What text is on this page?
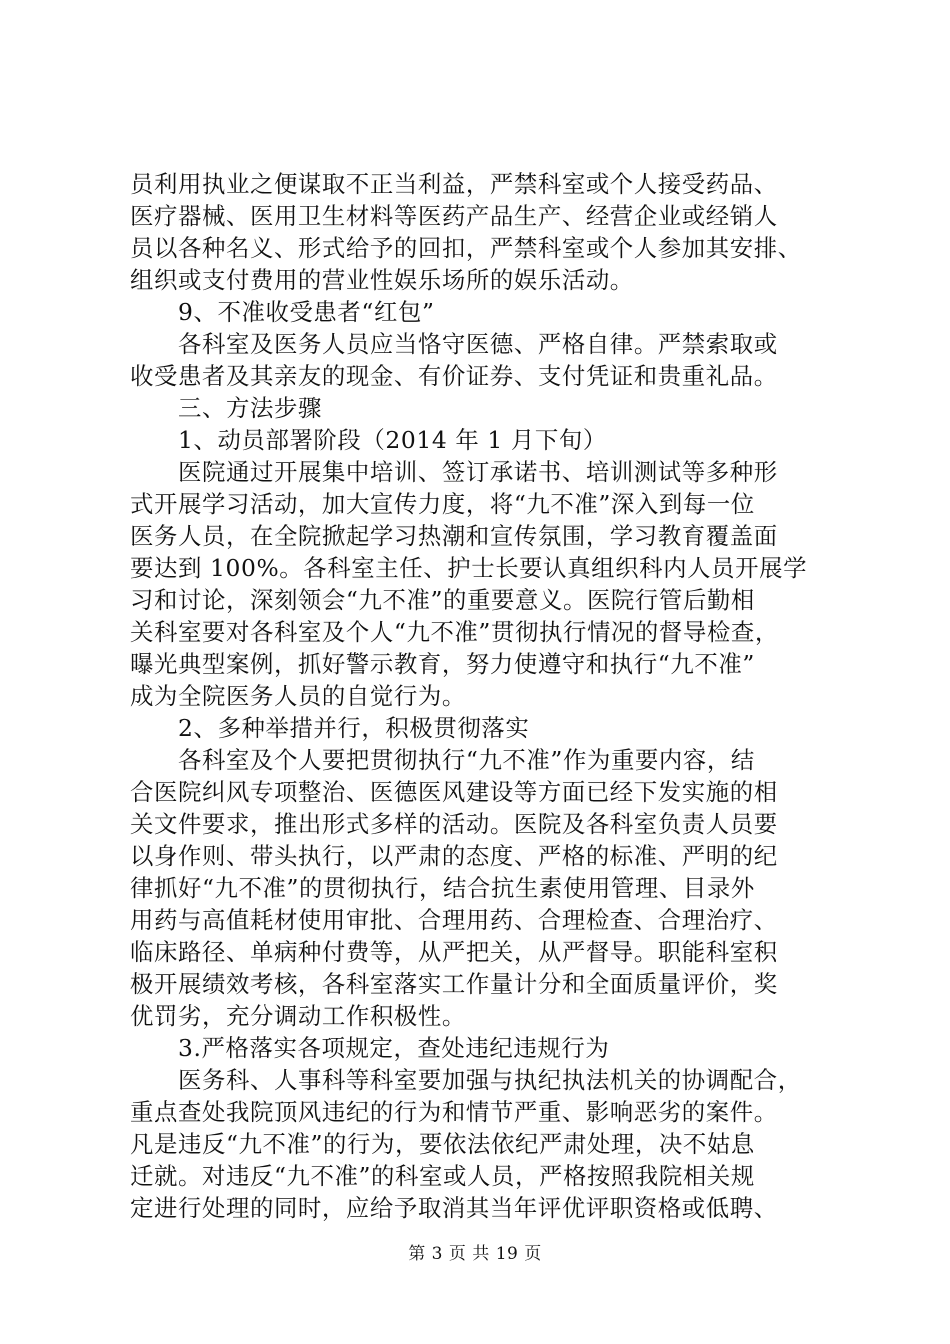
员利用执业之便谋取不正当利益，严禁科室或个人接受药品、
医疗器械、医用卫生材料等医药产品生产、经营企业或经销人
员以各种名义、形式给予的回扣，严禁科室或个人参加其安排、
组织或支付费用的营业性娱乐场所的娱乐活动。
9、不准收受患者“红包”
各科室及医务人员应当恪守医德、严格自律。严禁索取或
收受患者及其亲友的现金、有价证券、支付凭证和贵重礼品。
三、方法步骤
1、动员部署阶段（2014 年 1 月下旬）
医院通过开展集中培训、签订承诺书、培训测试等多种形
式开展学习活动，加大宣传力度，将“九不准”深入到每一位
医务人员，在全院掀起学习热潮和宣传氛围，学习教育覆盖面
要达到 100%。各科室主任、护士长要认真组织科内人员开展学
习和讨论，深刻领会“九不准”的重要意义。医院行管后勤相
关科室要对各科室及个人“九不准”贯彻执行情况的督导检查，
曝光典型案例，抓好警示教育，努力使遵守和执行“九不准”
成为全院医务人员的自觉行为。
2、多种举措并行，积极贯彻落实
各科室及个人要把贯彻执行“九不准”作为重要内容，结
合医院纠风专项整治、医德医风建设等方面已经下发实施的相
关文件要求，推出形式多样的活动。医院及各科室负责人员要
以身作则、带头执行，以严肃的态度、严格的标准、严明的纪
律抓好“九不准”的贯彻执行，结合抗生素使用管理、目录外
用药与高值耗材使用审批、合理用药、合理检查、合理治疗、
临床路径、单病种付费等，从严把关，从严督导。职能科室积
极开展绩效考核，各科室落实工作量计分和全面质量评价，奖
优罚劣，充分调动工作积极性。
3.严格落实各项规定，查处违纪违规行为
医务科、人事科等科室要加强与执纪执法机关的协调配合，
重点查处我院顶风违纪的行为和情节严重、影响恶劣的案件。
凡是违反“九不准”的行为，要依法依纪严肃处理，决不姑息
迁就。对违反“九不准”的科室或人员，严格按照我院相关规
定进行处理的同时，应给予取消其当年评优评职资格或低聘、
第 3 页 共 19 页
